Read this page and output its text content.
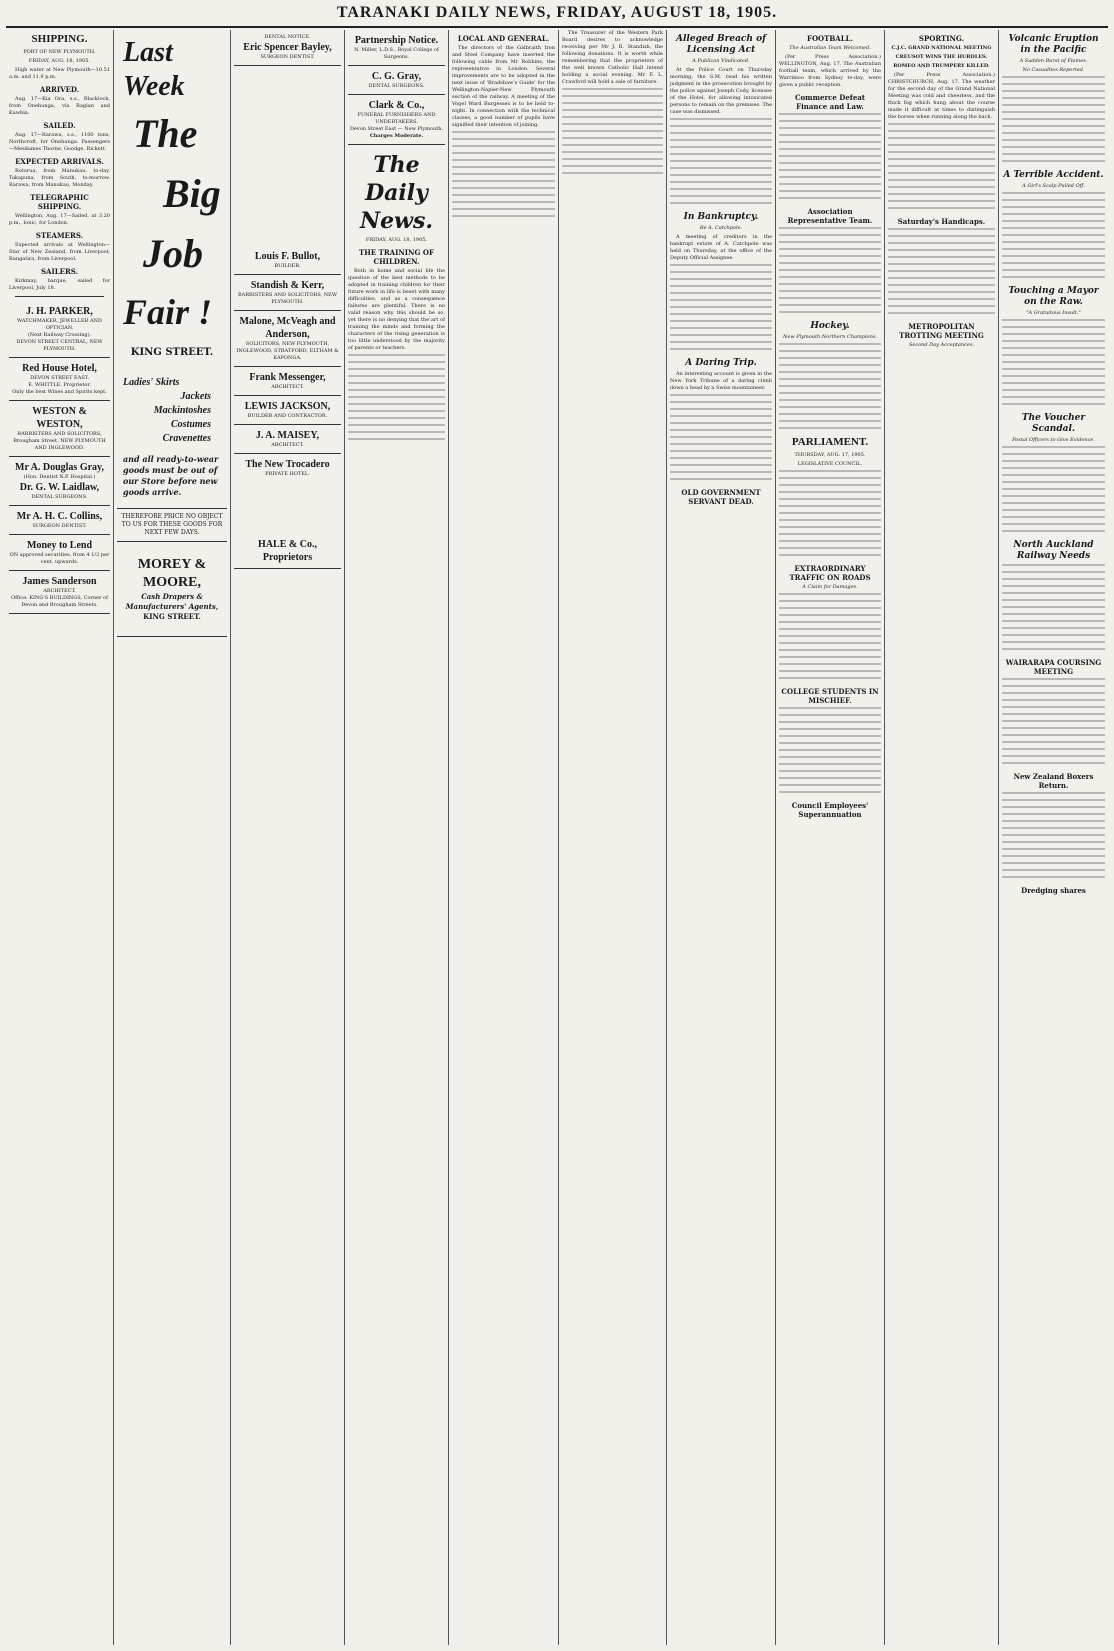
TARANAKI DAILY NEWS, FRIDAY, AUGUST 18, 1905.
SHIPPING.
PORT OF NEW PLYMOUTH.
FRIDAY, AUG. 18, 1905.

High water at New Plymouth—10.51 a.m. and 11.9 p.m.

ARRIVED.

Aug. 17—Kia Ora, s.s., Blacklock, from Onehunga, via Raglan and Kawhia.

SAILED.

Aug. 17—Rarawa, s.s., 1100 tons, Northcroft, for Onehunga. Passengers—Mesdames Thorne, Goodge, Rickett.

EXPECTED ARRIVALS.

Rotorua, from Manukau, to-day. Takapuna, from South, to-morrow. Rarawa, from Manukau, Monday.

TELEGRAPHIC SHIPPING.

Wellington, Aug. 17—Sailed, at 3.20 p.m., Ionic, for London.

STEAMERS.

Expected arrivals at Wellington—Star of New Zealand, from Liverpool; Rangatira, from Liverpool.

SAILERS.

Kirkmay, barque, sailed for Liverpool, July 18.

J. H. PARKER,
WATCHMAKER, JEWELLER AND OPTICIAN.
(Next Railway Crossing).
DEVON STREET CENTRAL, NEW PLYMOUTH.
Red House Hotel,
DEVON STREET EAST.
E. WHITTLE, Proprietor.
Only the best Wines and Spirits kept.
WESTON & WESTON,
BARRISTERS AND SOLICITORS,
Brougham Street, NEW PLYMOUTH AND INGLEWOOD.
Mr A. Douglas Gray,
(Hon. Dentist N.P. Hospital.)
Dr. G. W. Laidlaw,
DENTAL SURGEONS.
Mr A. H. C. Collins,
SURGEON DENTIST.
Money to Lend
ON approved securities, from 4 1/2 per cent. upwards.
James Sanderson
ARCHITECT.
Office: KING'S BUILDINGS, Corner of Devon and Brougham Streets.
Last Week
The
Big
Job
Fair !
KING STREET.
Ladies' Skirts
Jackets
Mackintoshes
Costumes
Cravenettes
and all ready-to-wear goods must be out of our Store before new goods arrive.
THEREFORE PRICE NO OBJECT TO US FOR THESE GOODS FOR NEXT FEW DAYS.
MOREY & MOORE,
Cash Drapers & Manufacturers' Agents,
KING STREET.
DENTAL NOTICE.
Eric Spencer Bayley,
SURGEON DENTIST.
Louis F. Bullot,
BUILDER.
Standish & Kerr,
BARRISTERS AND SOLICITORS, NEW PLYMOUTH.
Malone, McVeagh and Anderson,
SOLICITORS, NEW PLYMOUTH, INGLEWOOD, STRATFORD, ELTHAM & KAPONGA.
Frank Messenger,
ARCHITECT.
LEWIS JACKSON,
BUILDER AND CONTRACTOR.
J. A. MAISEY,
ARCHITECT.
The New Trocadero
PRIVATE HOTEL.
HALE & Co., Proprietors
Partnership Notice.
N. Miller, L.D.S., Royal College of Surgeons.
C. G. Gray,
DENTAL SURGEONS.
Clark & Co.,
FUNERAL FURNISHERS AND UNDERTAKERS.
Devon Street East — New Plymouth.
Charges Moderate.
The Daily News.
FRIDAY, AUG. 18, 1905.
THE TRAINING OF CHILDREN.

Both in home and social life the question of the best methods to be adopted in training children for their future work in life is beset with many difficulties, and as a consequence failures are plentiful. There is no valid reason why this should be so, yet there is no denying that the art of training the minds and forming the characters of the rising generation is too little understood by the majority of parents or teachers.

LOCAL AND GENERAL.

The directors of the Galbraith Iron and Steel Company have inserted the following cable from Mr Robbins, the representative in London. Several improvements are to be adopted in the next issue of 'Bradshaw's Guide' for the Wellington-Napier-New Plymouth section of the railway. A meeting of the Vogel Ward Burgesses is to be held to-night. In connection with the technical classes, a good number of pupils have signified their intention of joining.

The Treasurer of the Western Park Board desires to acknowledge receiving per Mr J. B. Standish, the following donations. It is worth while remembering that the proprietors of the well known Catholic Hall intend holding a social evening. Mr F. L. Crawford will hold a sale of furniture.

Alleged Breach of Licensing Act
A Publican Vindicated.

At the Police Court on Thursday morning, the S.M. read his written judgment in the prosecution brought by the police against Joseph Cody, licensee of the Hotel, for allowing intoxicated persons to remain on the premises. The case was dismissed.

In Bankruptcy.
Re A. Catchpole.

A meeting of creditors in the bankrupt estate of A. Catchpole was held on Thursday, at the office of the Deputy Official Assignee.

A Daring Trip.

An interesting account is given in the New York Tribune of a daring climb down a head by a Swiss mountaineer.

OLD GOVERNMENT SERVANT DEAD.
FOOTBALL.
The Australian Team Welcomed.

(Per Press Association.) WELLINGTON, Aug. 17. The Australian football team, which arrived by the Warrimoo from Sydney to-day, were given a public reception.

Commerce Defeat Finance and Law.

Association Representative Team.

Hockey.
New Plymouth Northern Champions.

PARLIAMENT.
THURSDAY, AUG. 17, 1905.
LEGISLATIVE COUNCIL.

EXTRAORDINARY TRAFFIC ON ROADS
A Claim for Damages.

COLLEGE STUDENTS IN MISCHIEF.

Council Employees' Superannuation
SPORTING.
C.J.C. GRAND NATIONAL MEETING
CREUSOT WINS THE HURDLES.
ROMEO AND TRUMPERY KILLED.

(Per Press Association.) CHRISTCHURCH, Aug. 17. The weather for the second day of the Grand National Meeting was cold and cheerless, and the thick fog which hung about the course made it difficult at times to distinguish the horses when running along the back.

Saturday's Handicaps.

METROPOLITAN TROTTING MEETING
Second Day Acceptances.
Volcanic Eruption in the Pacific
A Sudden Burst of Flames.
No Casualties Reported.

A Terrible Accident.
A Girl's Scalp Pulled Off.

Touching a Mayor on the Raw.
"A Gratuitous Insult."

The Voucher Scandal.
Postal Officers to Give Evidence.

North Auckland Railway Needs

WAIRARAPA COURSING MEETING

New Zealand Boxers Return.

Dredging shares
